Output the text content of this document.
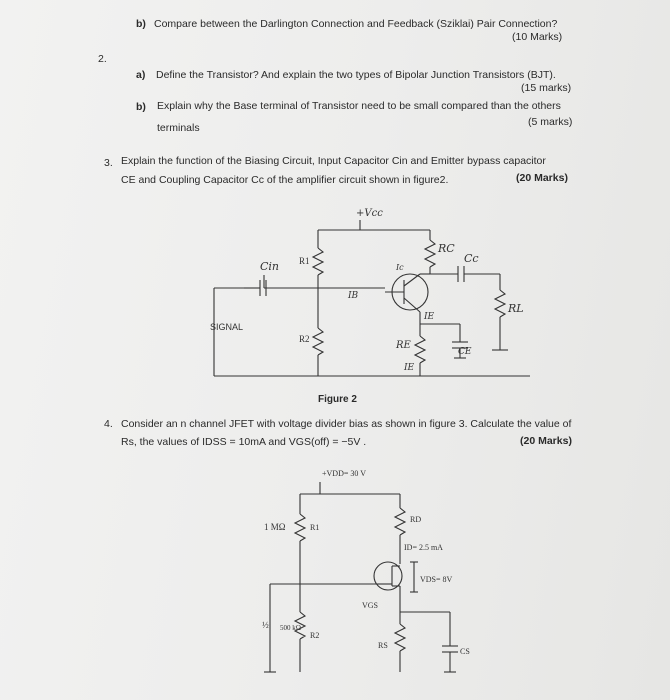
b) Compare between the Darlington Connection and Feedback (Sziklai) Pair Connection?
(10 Marks)
2.
a) Define the Transistor? And explain the two types of Bipolar Junction Transistors (BJT).
(15 marks)
b) Explain why the Base terminal of Transistor need to be small compared than the others
terminals	(5 marks)
3. Explain the function of the Biasing Circuit, Input Capacitor Cin and Emitter bypass capacitor
CE and Coupling Capacitor Cc of the amplifier circuit shown in figure2.	(20 Marks)
+Vcc
Cin R1
R2
RC
Cc
RL
RE
CE
Ic
IB
IE
IE
SIGNAL
Figure 2
4. Consider an n channel JFET with voltage divider bias as shown in figure 3. Calculate the value of
Rs, the values of IDSS = 10mA and VGS(off) = −5V .	(20 Marks)
+VDD= 30 V
1 MΩ	R1
500 kΩ
R2
½
RD
ID= 2.5 mA
VDS= 8V
VGS
RS
CS
